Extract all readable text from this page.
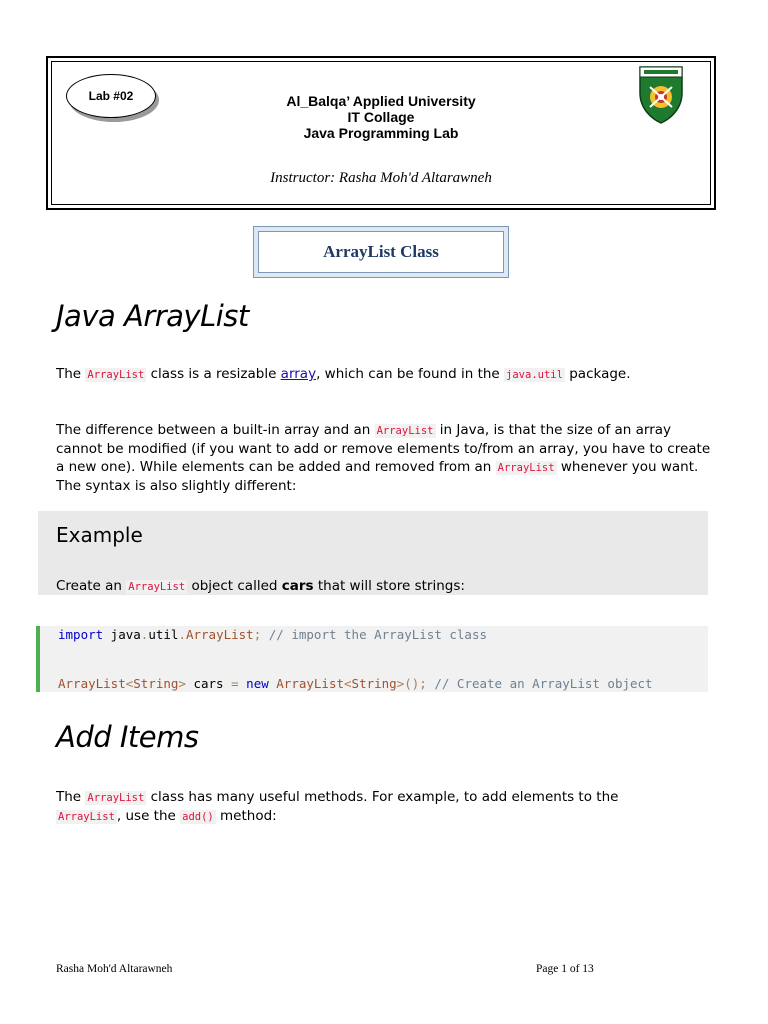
Lab #02	Al_Balqa’ Applied University
IT Collage
Java Programming Lab
Instructor: Rasha Moh'd Altarawneh
ArrayList Class
Java ArrayList

The ArrayList class is a resizable array, which can be found in the java.util package.

The difference between a built-in array and an ArrayList in Java, is that the size of an array cannot be modified (if you want to add or remove elements to/from an array, you have to create a new one). While elements can be added and removed from an ArrayList whenever you want. The syntax is also slightly different:

Example

Create an ArrayList object called cars that will store strings:

import java.util.ArrayList; // import the ArrayList class
ArrayList<String> cars = new ArrayList<String>(); // Create an ArrayList object
Add Items

The ArrayList class has many useful methods. For example, to add elements to the ArrayList , use the add() method:

Rasha Moh'd Altarawneh	Page 1 of 13
